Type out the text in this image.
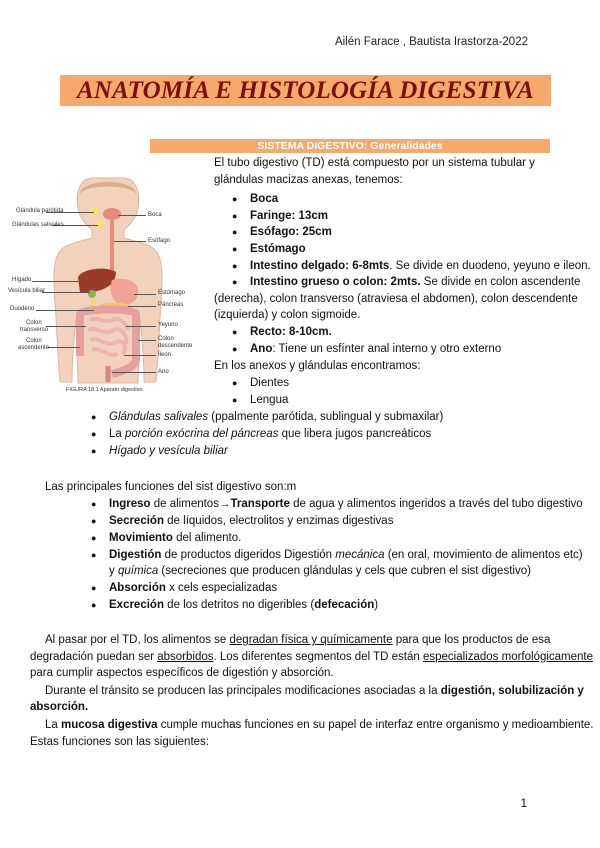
Ailén Farace , Bautista Irastorza-2022
ANATOMÍA E HISTOLOGÍA DIGESTIVA
SISTEMA DIGESTIVO: Generalidades
Glándula parótida
Glándulas salivales
Hígado
Vesícula biliar
Duodeno
Colon
transverso
Colon
ascendente
Boca
Esófago
Estómago
Páncreas
Yeyuno
Colon
descendente
Íleon
Ano
FIGURA 18.1 Aparato digestivo.
El tubo digestivo (TD) está compuesto por un sistema tubular y glándulas macizas anexas, tenemos:
● Boca
● Faringe: 13cm
● Esófago: 25cm
● Estómago
● Intestino delgado: 6-8mts. Se divide en duodeno, yeyuno e ileon.
● Intestino grueso o colon: 2mts. Se divide en colon ascendente
(derecha), colon transverso (atraviesa el abdomen), colon descendente
(izquierda) y colon sigmoide.
● Recto: 8-10cm.
● Ano: Tiene un esfínter anal interno y otro externo
En los anexos y glándulas encontramos:
● Dientes
● Lengua
● Glándulas salivales (ppalmente parótida, sublingual y submaxilar)
● La porción exócrina del páncreas que libera jugos pancreáticos
● Hígado y vesícula biliar
Las principales funciones del sist digestivo son:m
● Ingreso de alimentos→Transporte de agua y alimentos ingeridos a través del tubo digestivo
● Secreción de líquidos, electrolitos y enzimas digestivas
● Movimiento del alimento.
● Digestión de productos digeridos Digestión mecánica (en oral, movimiento de alimentos etc)
y química (secreciones que producen glándulas y cels que cubren el sist digestivo)
● Absorción x cels especializadas
● Excreción de los detritos no digeribles (defecación)
Al pasar por el TD, los alimentos se degradan física y químicamente para que los productos de esa
degradación puedan ser absorbidos. Los diferentes segmentos del TD están especializados morfológicamente
para cumplir aspectos específicos de digestión y absorción.
Durante el tránsito se producen las principales modificaciones asociadas a la digestión, solubilización y
absorción.
La mucosa digestiva cumple muchas funciones en su papel de interfaz entre organismo y medioambiente.
Estas funciones son las siguientes:
1
